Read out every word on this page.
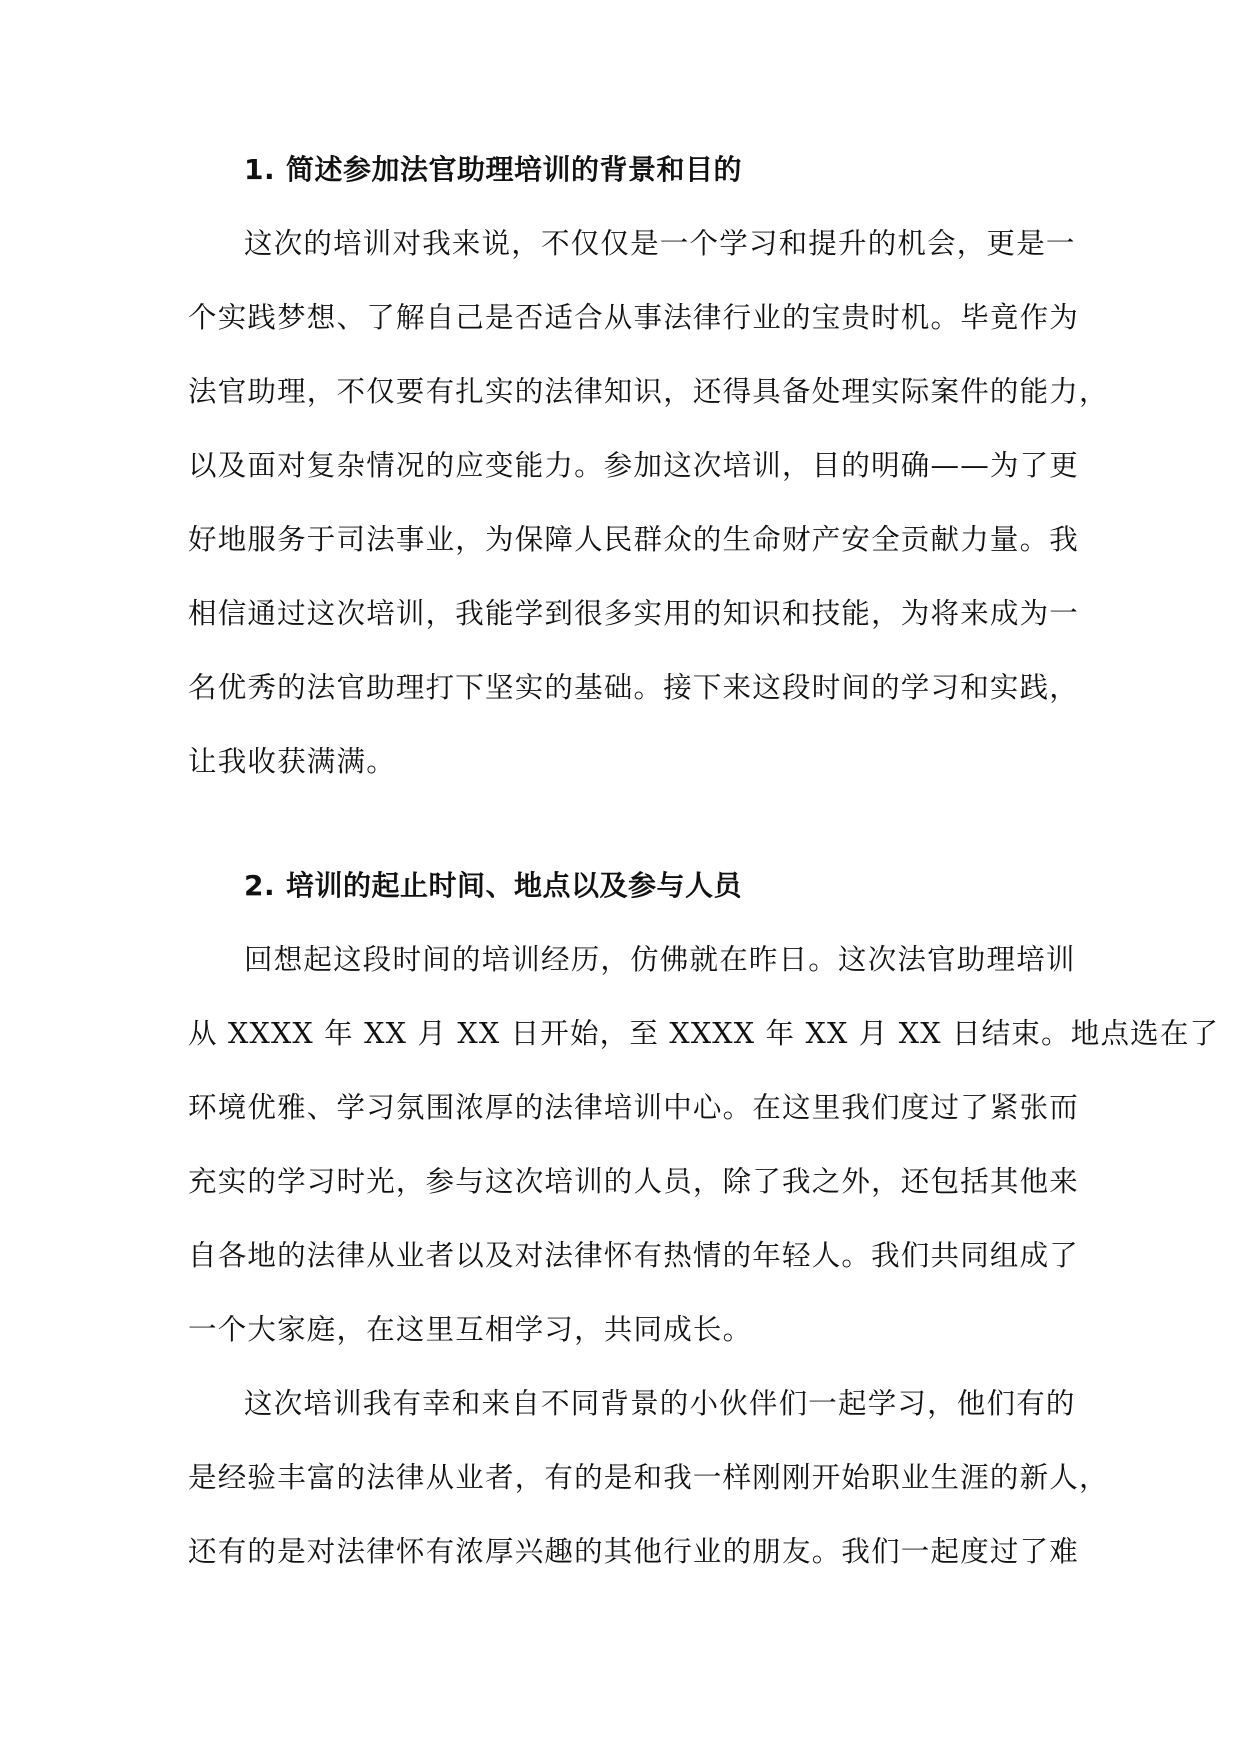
1. 简述参加法官助理培训的背景和目的
这次的培训对我来说，不仅仅是一个学习和提升的机会，更是一
个实践梦想、了解自己是否适合从事法律行业的宝贵时机。毕竟作为
法官助理，不仅要有扎实的法律知识，还得具备处理实际案件的能力，
以及面对复杂情况的应变能力。参加这次培训，目的明确——为了更
好地服务于司法事业，为保障人民群众的生命财产安全贡献力量。我
相信通过这次培训，我能学到很多实用的知识和技能，为将来成为一
名优秀的法官助理打下坚实的基础。接下来这段时间的学习和实践，
让我收获满满。
2. 培训的起止时间、地点以及参与人员
回想起这段时间的培训经历，仿佛就在昨日。这次法官助理培训
从 XXXX 年 XX 月 XX 日开始，至 XXXX 年 XX 月 XX 日结束。地点选在了
环境优雅、学习氛围浓厚的法律培训中心。在这里我们度过了紧张而
充实的学习时光，参与这次培训的人员，除了我之外，还包括其他来
自各地的法律从业者以及对法律怀有热情的年轻人。我们共同组成了
一个大家庭，在这里互相学习，共同成长。
这次培训我有幸和来自不同背景的小伙伴们一起学习，他们有的
是经验丰富的法律从业者，有的是和我一样刚刚开始职业生涯的新人，
还有的是对法律怀有浓厚兴趣的其他行业的朋友。我们一起度过了难
